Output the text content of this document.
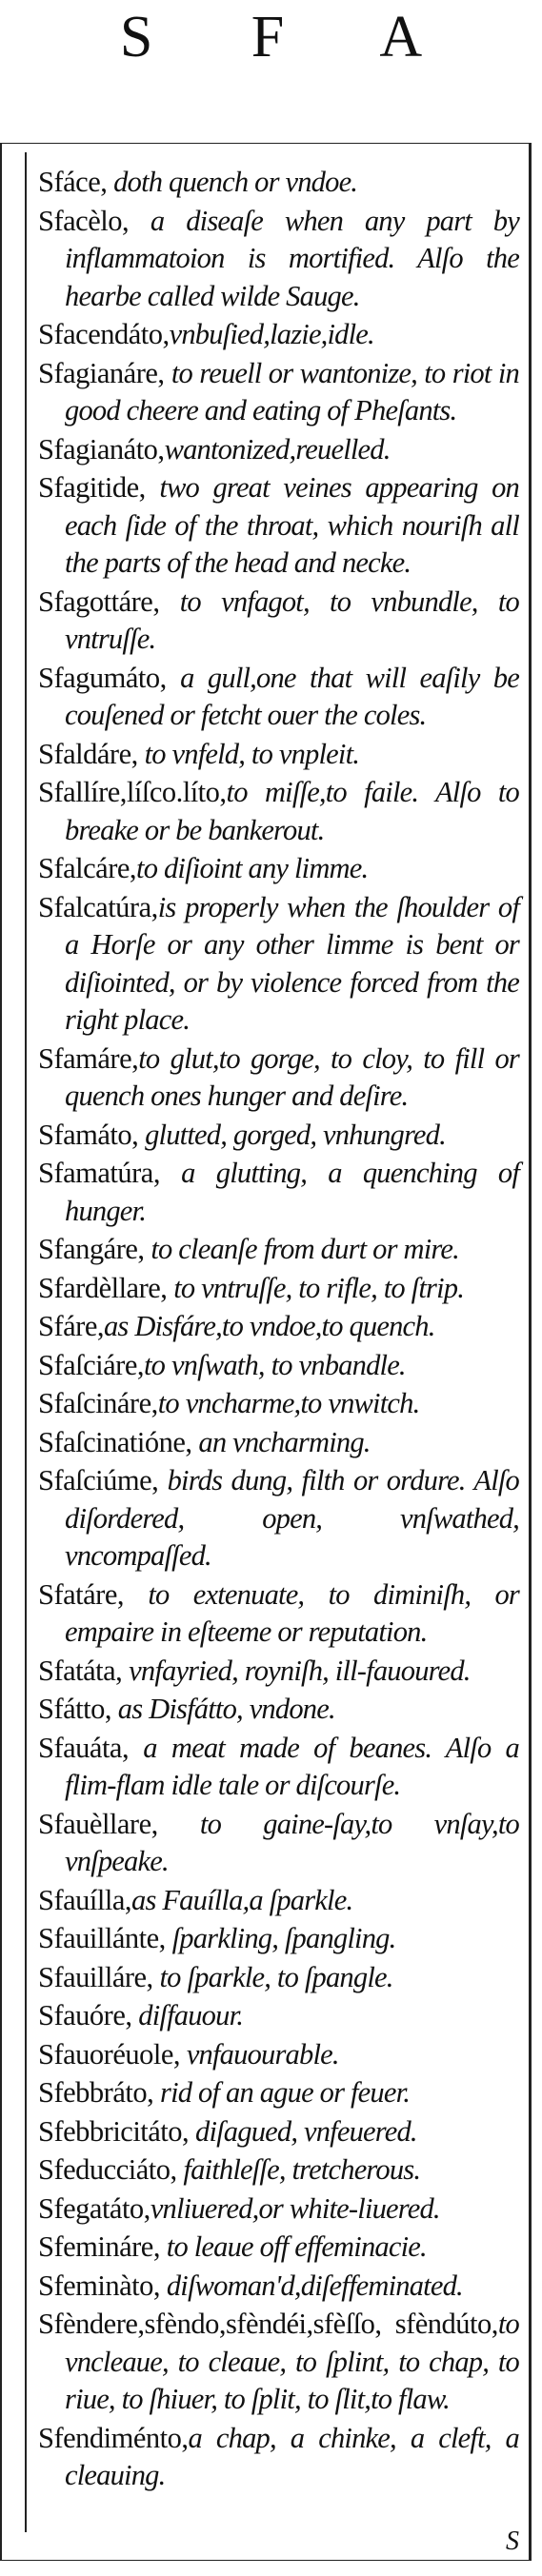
S F A
Sfáce, doth quench or vndoe.
Sfacèlo, a diseaſe when any part by inflammatoion is mortified. Alſo the hearbe called wilde Sauge.
Sfacendáto,vnbuſied,lazie,idle.
Sfagianáre, to reuell or wantonize, to riot in good cheere and eating of Pheſants.
Sfagianáto,wantonized,reuelled.
Sfagitide, two great veines appearing on each ſide of the throat, which nouriſh all the parts of the head and necke.
Sfagottáre, to vnfagot, to vnbundle, to vntruſſe.
Sfagumáto, a gull,one that will eaſily be couſened or fetcht ouer the coles.
Sfaldáre, to vnfeld, to vnpleit.
Sfallíre,líſco.líto,to miſſe,to faile. Alſo to breake or be bankerout.
Sfalcáre,to diſioint any limme.
Sfalcatúra,is properly when the ſhoulder of a Horſe or any other limme is bent or diſiointed, or by violence forced from the right place.
Sfamáre,to glut,to gorge, to cloy, to fill or quench ones hunger and deſire.
Sfamáto, glutted, gorged, vnhungred.
Sfamatúra, a glutting, a quenching of hunger.
Sfangáre, to cleanſe from durt or mire.
Sfardèllare, to vntruſſe, to rifle, to ſtrip.
Sfáre,as Disfáre,to vndoe,to quench.
Sfaſciáre,to vnſwath, to vnbandle.
Sfaſcináre,to vncharme,to vnwitch.
Sfaſcinatióne, an vncharming.
Sfaſciúme, birds dung, filth or ordure. Alſo diſordered, open, vnſwathed, vncompaſſed.
Sfatáre, to extenuate, to diminiſh, or empaire in eſteeme or reputation.
Sfatáta, vnfayried, royniſh, ill-fauoured.
Sfátto, as Disfátto, vndone.
Sfauáta, a meat made of beanes. Alſo a flim-flam idle tale or diſcourſe.
Sfauèllare, to gaine-ſay,to vnſay,to vnſpeake.
Sfauílla,as Fauílla,a ſparkle.
Sfauillánte, ſparkling, ſpangling.
Sfauilláre, to ſparkle, to ſpangle.
Sfauóre, diſfauour.
Sfauoréuole, vnfauourable.
Sfebbráto, rid of an ague or feuer.
Sfebbricitáto, diſagued, vnfeuered.
Sfeducciáto, faithleſſe, tretcherous.
Sfegatáto,vnliuered,or white-liuered.
Sfemináre, to leaue off effeminacie.
Sfeminàto, diſwoman'd,diſeffeminated.
Sfèndere,sfèndo,sfèndéi,sfèſſo, sfèndúto,to vncleaue, to cleaue, to ſplint, to chap, to riue, to ſhiuer, to ſplit, to ſlit,to flaw.
Sfendiménto,a chap, a chinke, a cleft, a cleauing.
S
